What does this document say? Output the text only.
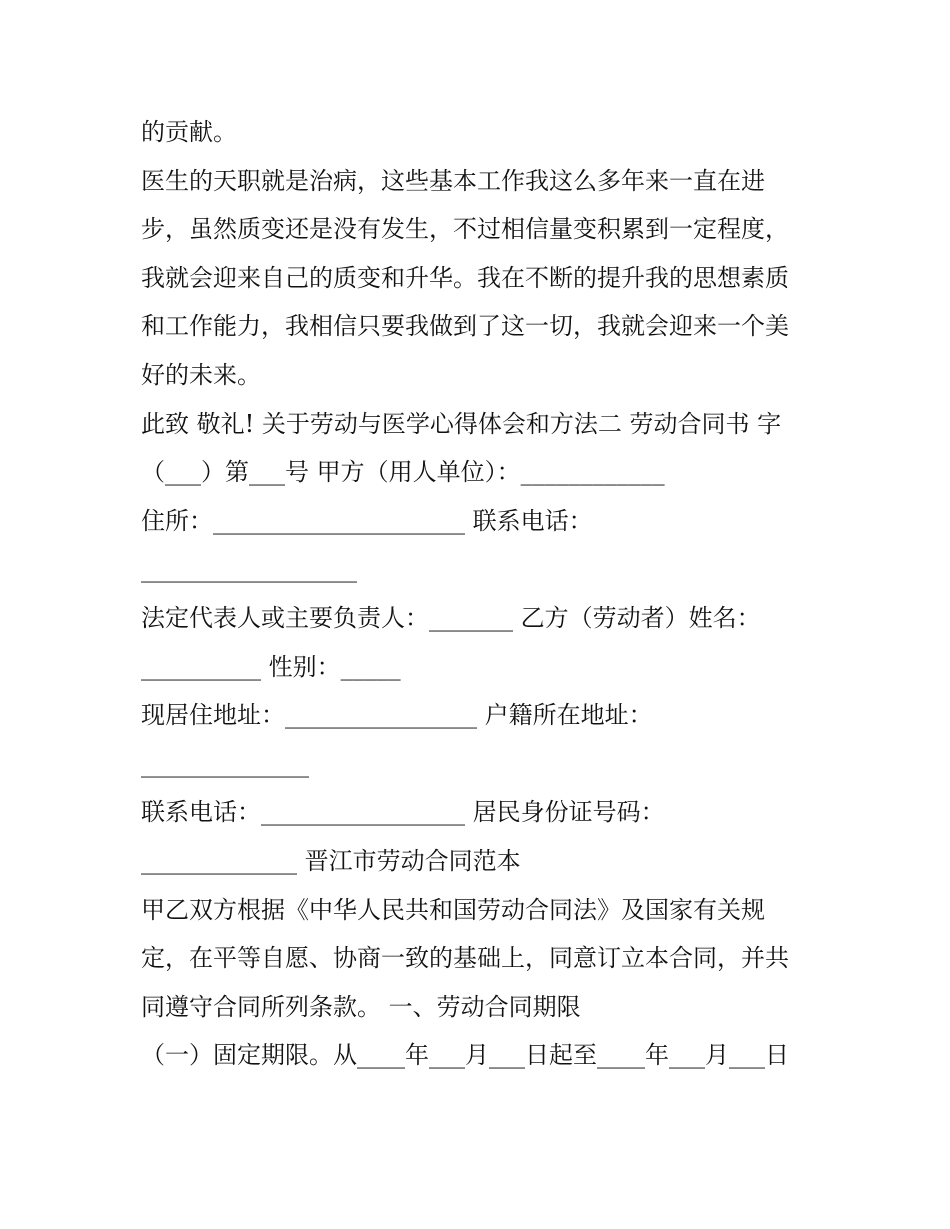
的贡献。
医生的天职就是治病，这些基本工作我这么多年来一直在进
步，虽然质变还是没有发生，不过相信量变积累到一定程度，
我就会迎来自己的质变和升华。我在不断的提升我的思想素质
和工作能力，我相信只要我做到了这一切，我就会迎来一个美
好的未来。
此致 敬礼! 关于劳动与医学心得体会和方法二 劳动合同书 字
（___）第___号 甲方（用人单位）：____________
住所：_____________________ 联系电话：
__________________
法定代表人或主要负责人：_______ 乙方（劳动者）姓名：
__________ 性别：_____
现居住地址：________________ 户籍所在地址：
______________
联系电话：_________________ 居民身份证号码：
_____________ 晋江市劳动合同范本
甲乙双方根据《中华人民共和国劳动合同法》及国家有关规
定，在平等自愿、协商一致的基础上，同意订立本合同，并共
同遵守合同所列条款。 一、劳动合同期限
（一）固定期限。从____年___月___日起至____年___月___日
